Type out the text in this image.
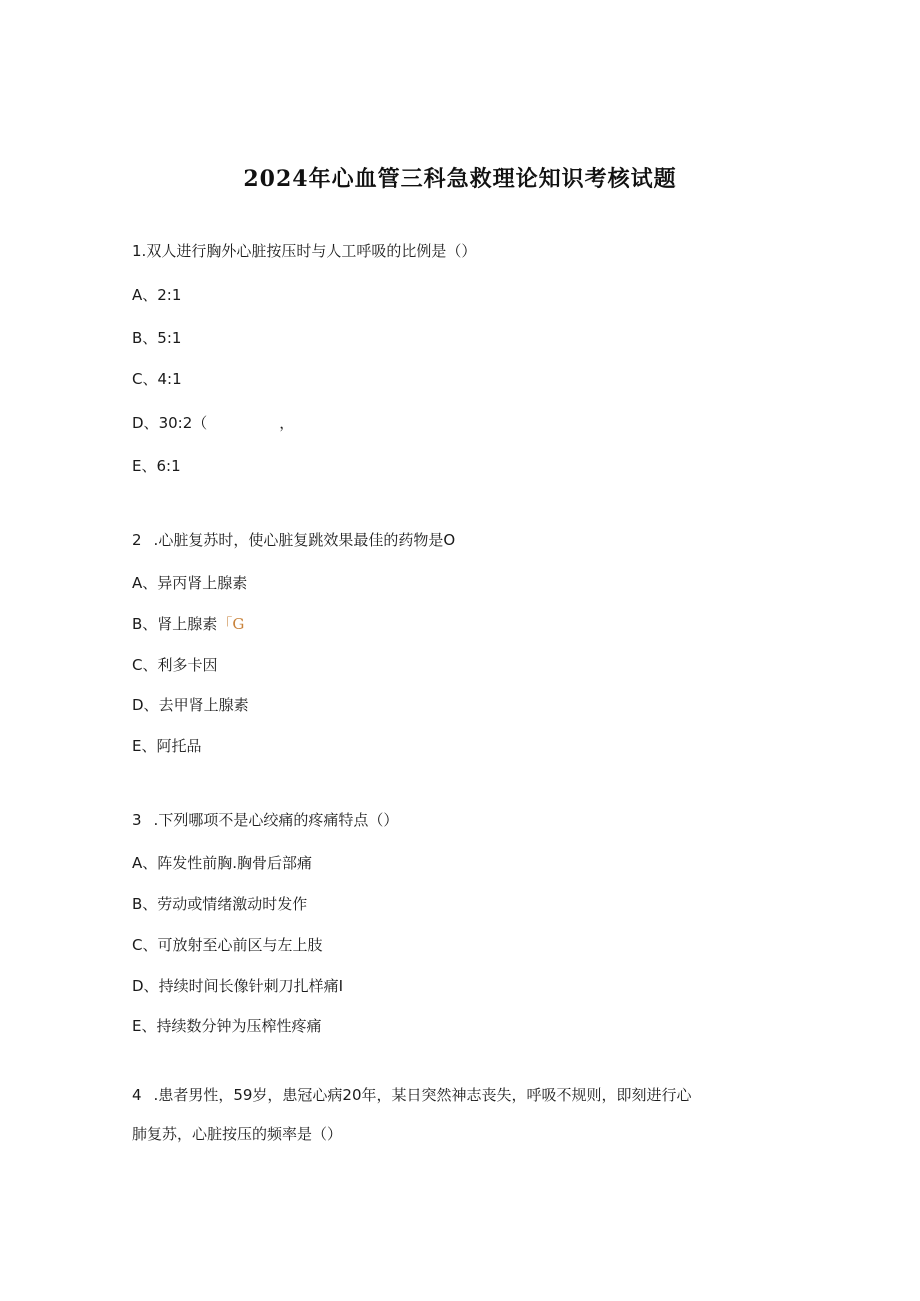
2024年心血管三科急救理论知识考核试题
1.双人进行胸外心脏按压时与人工呼吸的比例是（）
A、2:1
B、5:1
C、4:1
D、30:2（	，
E、6:1
2 .心脏复苏时，使心脏复跳效果最佳的药物是O
A、异丙肾上腺素
B、肾上腺素「G
C、利多卡因
D、去甲肾上腺素
E、阿托品
3 .下列哪项不是心绞痛的疼痛特点（）
A、阵发性前胸.胸骨后部痛
B、劳动或情绪激动时发作
C、可放射至心前区与左上肢
D、持续时间长像针刺刀扎样痛I
E、持续数分钟为压榨性疼痛
4 .患者男性，59岁，患冠心病20年，某日突然神志丧失，呼吸不规则，即刻进行心
肺复苏，心脏按压的频率是（）
